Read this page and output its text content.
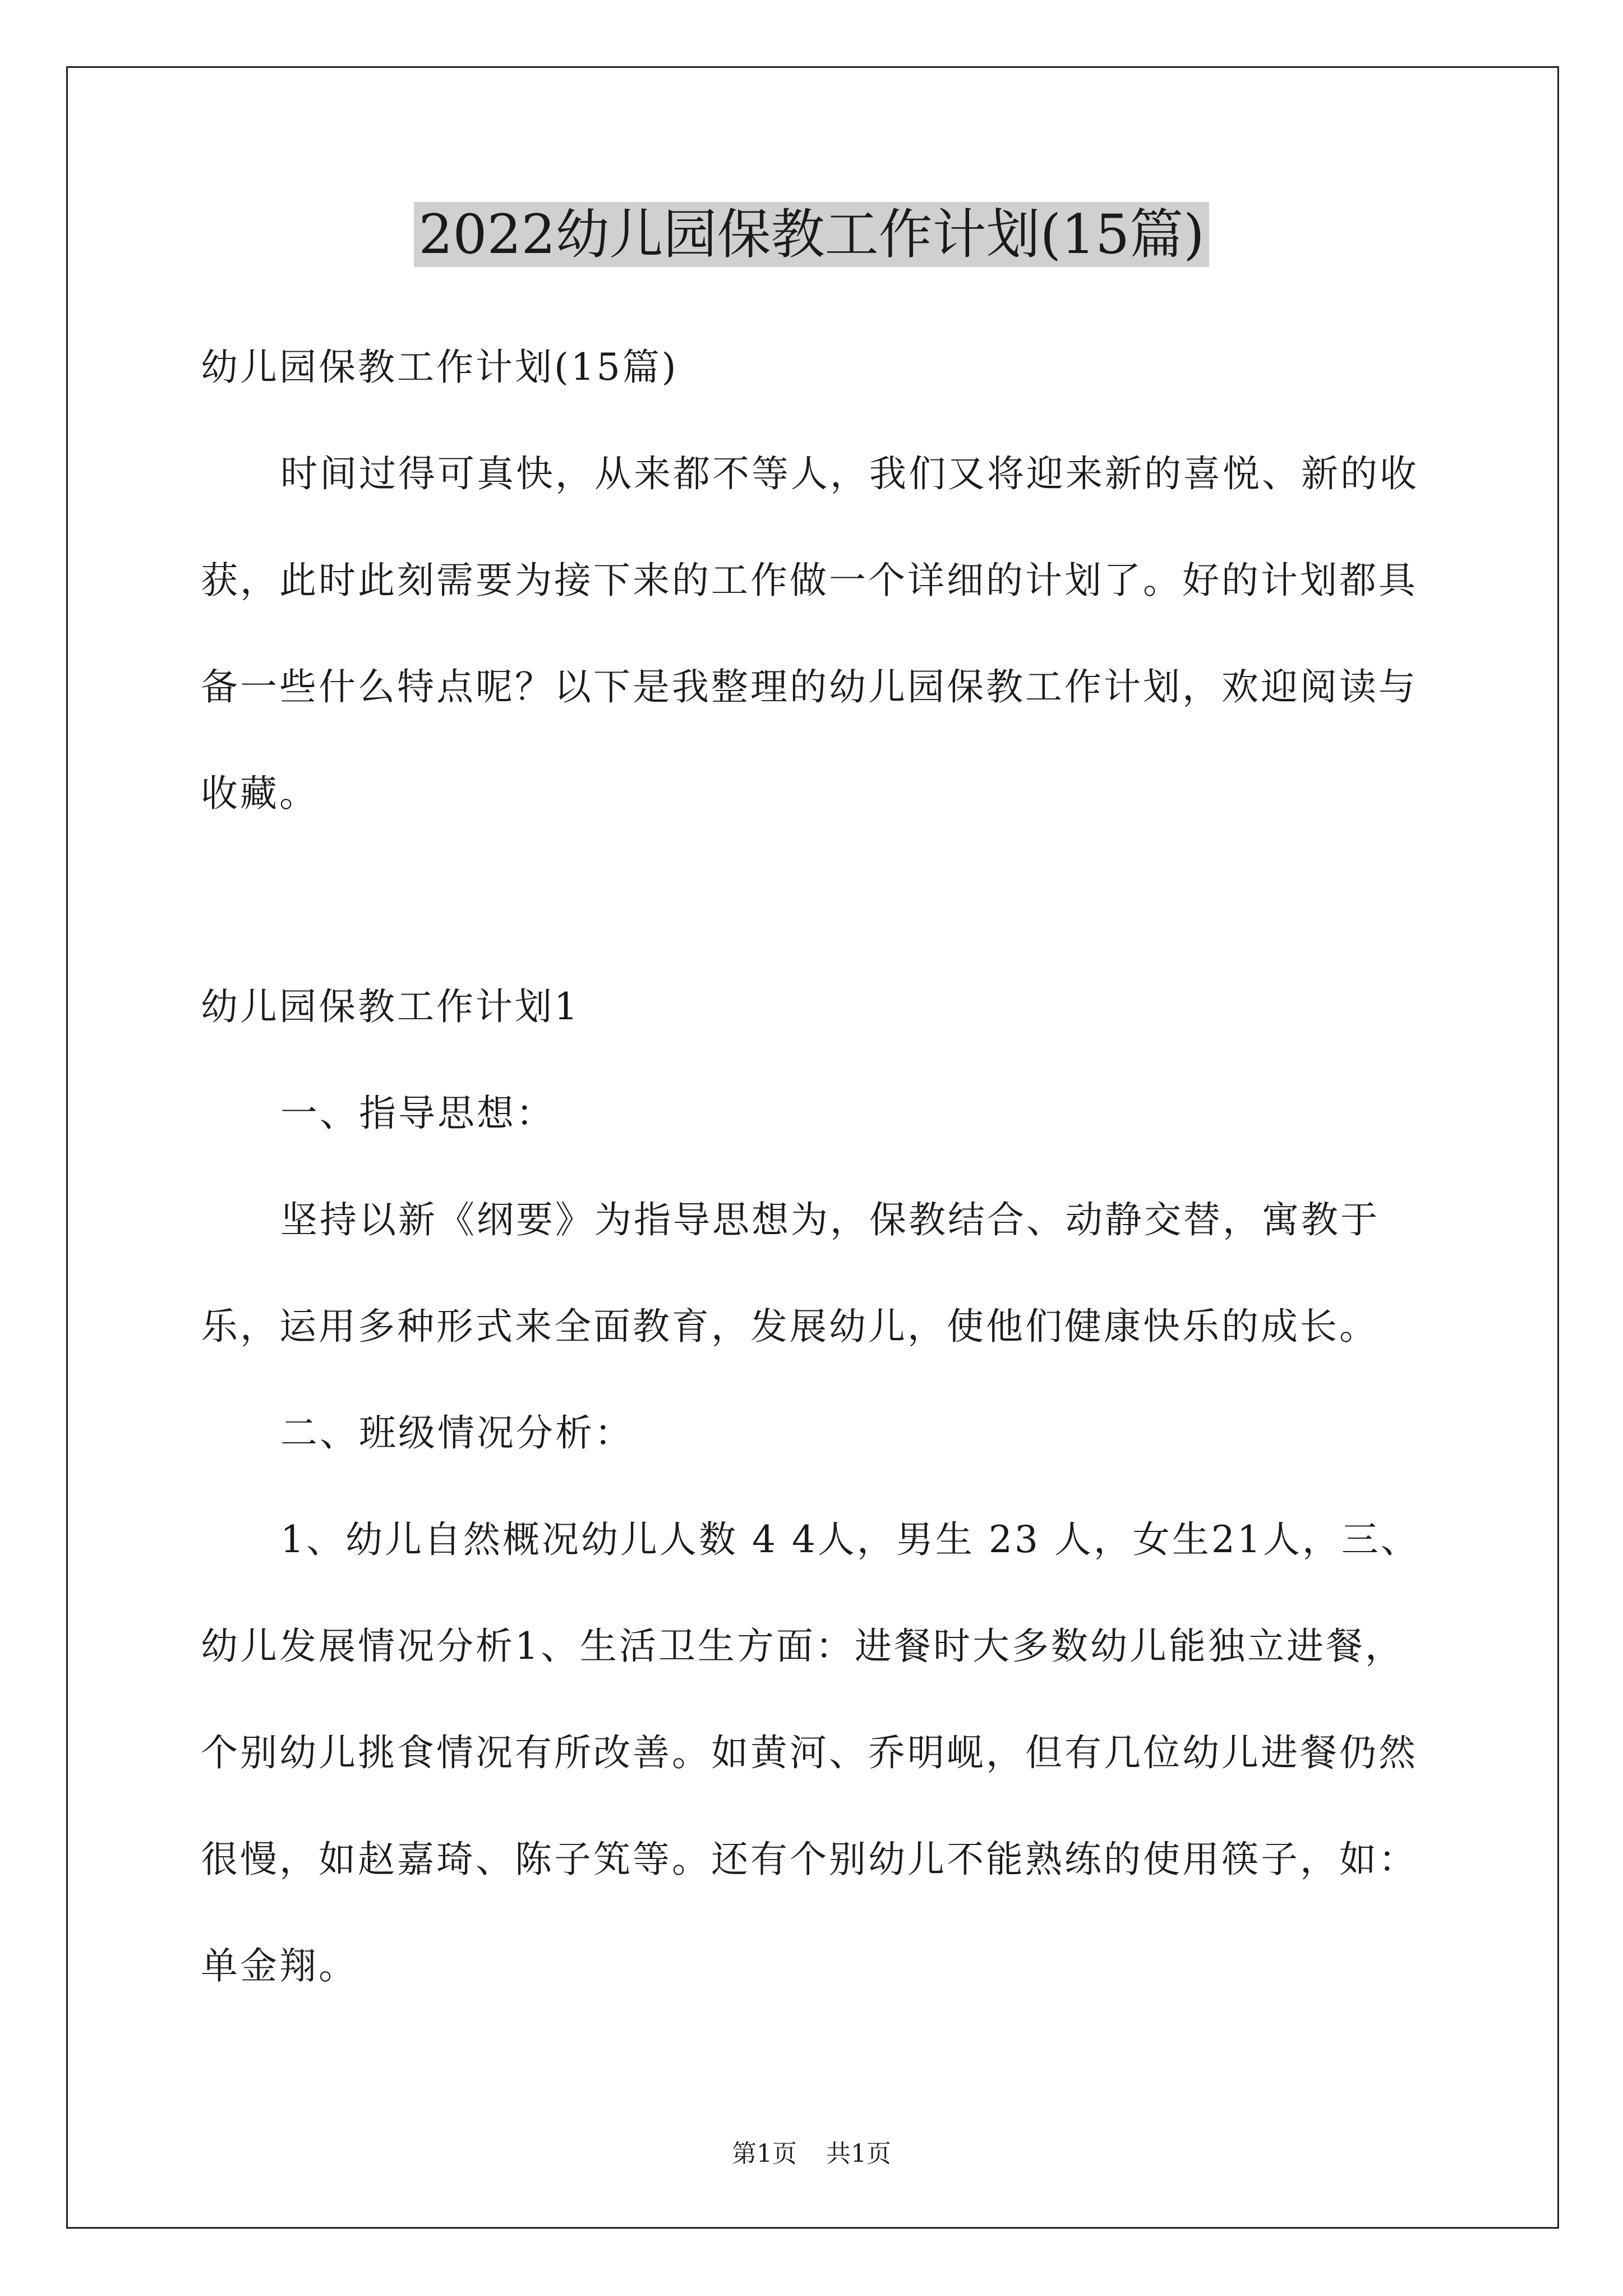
2022幼儿园保教工作计划(15篇)

幼儿园保教工作计划(15篇)

时间过得可真快，从来都不等人，我们又将迎来新的喜悦、新的收获，此时此刻需要为接下来的工作做一个详细的计划了。好的计划都具备一些什么特点呢？以下是我整理的幼儿园保教工作计划，欢迎阅读与收藏。

幼儿园保教工作计划1

一、指导思想：

坚持以新《纲要》为指导思想为，保教结合、动静交替，寓教于乐，运用多种形式来全面教育，发展幼儿，使他们健康快乐的成长。

二、班级情况分析：

1、幼儿自然概况幼儿人数 4 4人，男生 23 人，女生21人，三、幼儿发展情况分析1、生活卫生方面：进餐时大多数幼儿能独立进餐，个别幼儿挑食情况有所改善。如黄河、乔明岘，但有几位幼儿进餐仍然很慢，如赵嘉琦、陈子笂等。还有个别幼儿不能熟练的使用筷子，如：单金翔。

第1页 共1页
